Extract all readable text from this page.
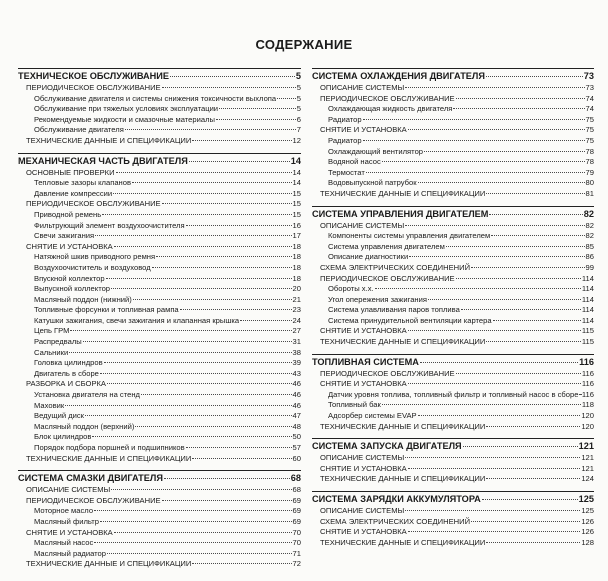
СОДЕРЖАНИЕ
ТЕХНИЧЕСКОЕ ОБСЛУЖИВАНИЕ	5
ПЕРИОДИЧЕСКОЕ ОБСЛУЖИВАНИЕ	5
Обслуживание двигателя и системы снижения токсичности выхлопа	5
Обслуживание при тяжелых условиях эксплуатации	5
Рекомендуемые жидкости и смазочные материалы	6
Обслуживание двигателя	7
ТЕХНИЧЕСКИЕ ДАННЫЕ И СПЕЦИФИКАЦИИ	12
МЕХАНИЧЕСКАЯ ЧАСТЬ ДВИГАТЕЛЯ	14
ОСНОВНЫЕ ПРОВЕРКИ	14
Тепловые зазоры клапанов	14
Давление компрессии	15
ПЕРИОДИЧЕСКОЕ ОБСЛУЖИВАНИЕ	15
Приводной ремень	15
Фильтрующий элемент воздухоочистителя	16
Свечи зажигания	17
СНЯТИЕ И УСТАНОВКА	18
Натяжной шкив приводного ремня	18
Воздухоочиститель и воздуховод	18
Впускной коллектор	18
Выпускной коллектор	20
Масляный поддон (нижний)	21
Топливные форсунки и топливная рампа	23
Катушки зажигания, свечи зажигания и клапанная крышка	24
Цепь ГРМ	27
Распредвалы	31
Сальники	38
Головка цилиндров	39
Двигатель в сборе	43
РАЗБОРКА И СБОРКА	46
Установка двигателя на стенд	46
Маховик	46
Ведущий диск	47
Масляный поддон (верхний)	48
Блок цилиндров	50
Порядок подбора поршней и подшипников	57
ТЕХНИЧЕСКИЕ ДАННЫЕ И СПЕЦИФИКАЦИИ	60
СИСТЕМА СМАЗКИ ДВИГАТЕЛЯ	68
ОПИСАНИЕ СИСТЕМЫ	68
ПЕРИОДИЧЕСКОЕ ОБСЛУЖИВАНИЕ	69
Моторное масло	69
Масляный фильтр	69
СНЯТИЕ И УСТАНОВКА	70
Масляный насос	70
Масляный радиатор	71
ТЕХНИЧЕСКИЕ ДАННЫЕ И СПЕЦИФИКАЦИИ	72
СИСТЕМА ОХЛАЖДЕНИЯ ДВИГАТЕЛЯ	73
ОПИСАНИЕ СИСТЕМЫ	73
ПЕРИОДИЧЕСКОЕ ОБСЛУЖИВАНИЕ	74
Охлаждающая жидкость двигателя	74
Радиатор	75
СНЯТИЕ И УСТАНОВКА	75
Радиатор	75
Охлаждающий вентилятор	78
Водяной насос	78
Термостат	79
Водовыпускной патрубок	80
ТЕХНИЧЕСКИЕ ДАННЫЕ И СПЕЦИФИКАЦИИ	81
СИСТЕМА УПРАВЛЕНИЯ ДВИГАТЕЛЕМ	82
ОПИСАНИЕ СИСТЕМЫ	82
Компоненты системы управления двигателем	82
Система управления двигателем	85
Описание диагностики	86
СХЕМА ЭЛЕКТРИЧЕСКИХ СОЕДИНЕНИЙ	99
ПЕРИОДИЧЕСКОЕ ОБСЛУЖИВАНИЕ	114
Обороты х.х.	114
Угол опережения зажигания	114
Система улавливания паров топлива	114
Система принудительной вентиляции картера	114
СНЯТИЕ И УСТАНОВКА	115
ТЕХНИЧЕСКИЕ ДАННЫЕ И СПЕЦИФИКАЦИИ	115
ТОПЛИВНАЯ СИСТЕМА	116
ПЕРИОДИЧЕСКОЕ ОБСЛУЖИВАНИЕ	116
СНЯТИЕ И УСТАНОВКА	116
Датчик уровня топлива, топливный фильтр и топливный насос в сборе 116
Топливный бак	118
Адсорбер системы EVAP	120
ТЕХНИЧЕСКИЕ ДАННЫЕ И СПЕЦИФИКАЦИИ	120
СИСТЕМА ЗАПУСКА ДВИГАТЕЛЯ	121
ОПИСАНИЕ СИСТЕМЫ	121
СНЯТИЕ И УСТАНОВКА	121
ТЕХНИЧЕСКИЕ ДАННЫЕ И СПЕЦИФИКАЦИИ	124
СИСТЕМА ЗАРЯДКИ АККУМУЛЯТОРА	125
ОПИСАНИЕ СИСТЕМЫ	125
СХЕМА ЭЛЕКТРИЧЕСКИХ СОЕДИНЕНИЙ	126
СНЯТИЕ И УСТАНОВКА	126
ТЕХНИЧЕСКИЕ ДАННЫЕ И СПЕЦИФИКАЦИИ	128
